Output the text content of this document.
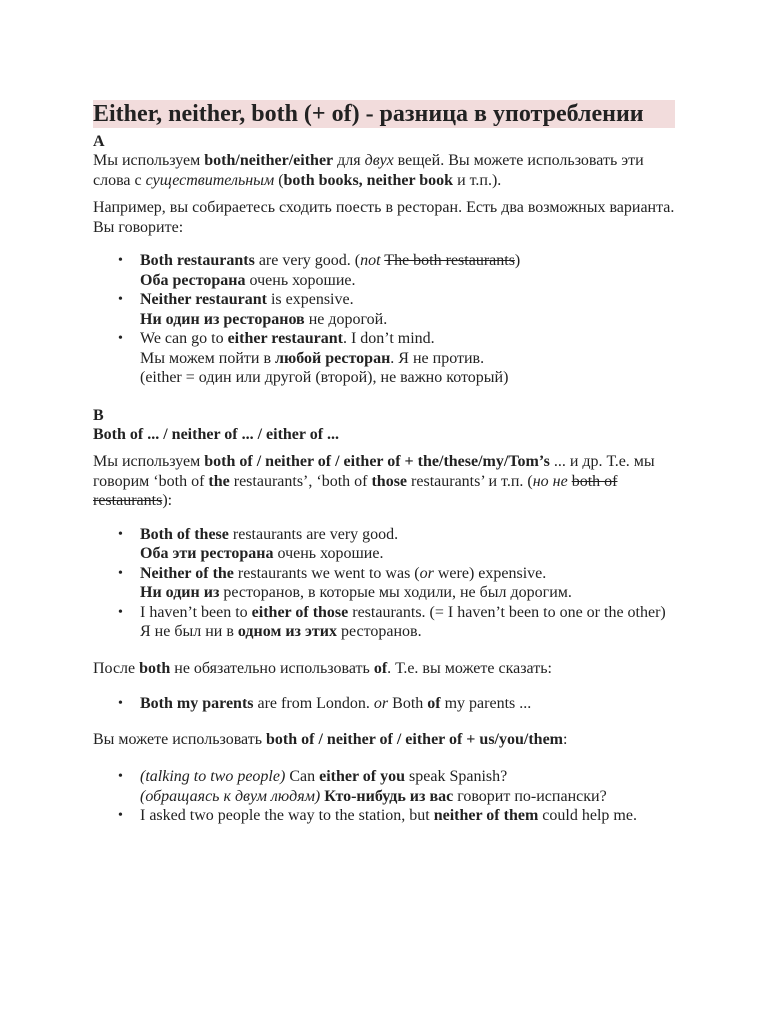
Either, neither, both (+ of) - разница в употреблении
A

Мы используем both/neither/either для двух вещей. Вы можете использовать эти слова с существительным (both books, neither book и т.п.).

Например, вы собираетесь сходить поесть в ресторан. Есть два возможных варианта. Вы говорите:

• Both restaurants are very good. (not The both restaurants)
Оба ресторана очень хорошие.
• Neither restaurant is expensive.
Ни один из ресторанов не дорогой.
• We can go to either restaurant. I don’t mind.
Мы можем пойти в любой ресторан. Я не против.
(either = один или другой (второй), не важно который)
B
Both of ... / neither of ... / either of ...

Мы используем both of / neither of / either of + the/these/my/Tom’s ... и др. Т.е. мы говорим ‘both of the restaurants’, ‘both of those restaurants’ и т.п. (но не both of restaurants):

• Both of these restaurants are very good.
Оба эти ресторана очень хорошие.
• Neither of the restaurants we went to was (or were) expensive.
Ни один из ресторанов, в которые мы ходили, не был дорогим.
• I haven’t been to either of those restaurants. (= I haven’t been to one or the other)
Я не был ни в одном из этих ресторанов.

После both не обязательно использовать of. Т.е. вы можете сказать:

• Both my parents are from London. or Both of my parents ...

Вы можете использовать both of / neither of / either of + us/you/them:

• (talking to two people) Can either of you speak Spanish?
(обращаясь к двум людям) Кто-нибудь из вас говорит по-испански?
• I asked two people the way to the station, but neither of them could help me.
